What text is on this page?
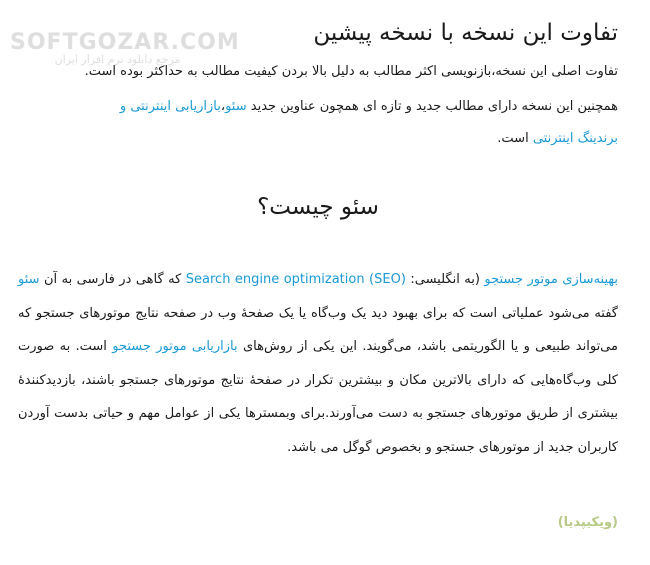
SOFTGOZAR.COM
مرجع دانلود نرم افزار ایران
تفاوت این نسخه با نسخه پیشین

تفاوت اصلی این نسخه،بازنویسی اکثر مطالب به دلیل بالا بردن کیفیت مطالب به حداکثر بوده است.

همچنین این نسخه دارای مطالب جدید و تازه ای همچون عناوین جدید سئو،بازاریابی اینترنتی و
برندینگ اینترنتی است.

سئو چیست؟

بهینه‌سازی موتور جستجو (به انگلیسی: (Search engine optimization (SEO که گاهی در فارسی به آن سئو گفته می‌شود عملیاتی است که برای بهبود دید یک وب‌گاه یا یک صفحهٔ وب در صفحه نتایج موتورهای جستجو که می‌تواند طبیعی و یا الگوریتمی باشد، می‌گویند. این یکی از روش‌های بازاریابی موتور جستجو است. به صورت کلی وب‌گاه‌هایی که دارای بالاترین مکان و بیشترین تکرار در صفحهٔ نتایج موتورهای جستجو باشند، بازدیدکنندهٔ بیشتری از طریق موتورهای جستجو به دست می‌آورند.برای وبمسترها یکی از عوامل مهم و حیاتی بدست آوردن کاربران جدید از موتورهای جستجو و بخصوص گوگل می باشد.

(ویکیپدیا)
